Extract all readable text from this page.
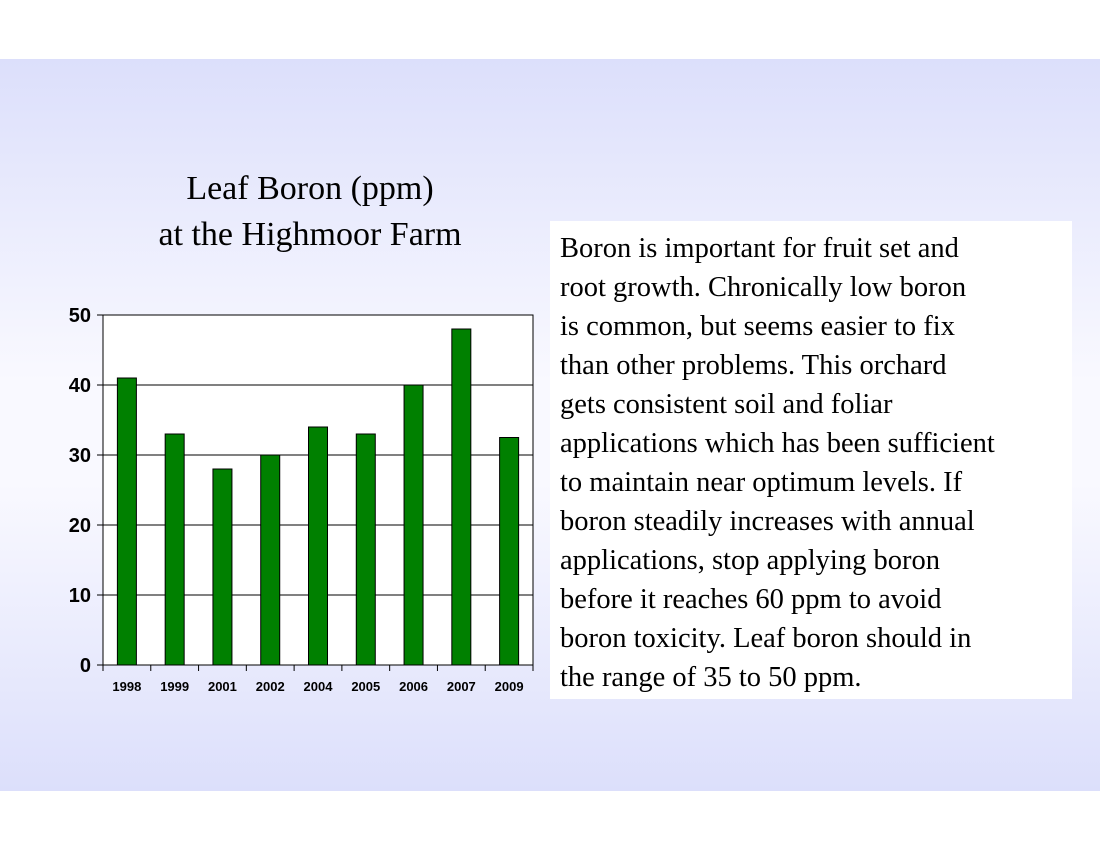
Leaf Boron (ppm)
at the Highmoor Farm
0
10
20
30
40
50
1998 1999 2001 2002 2004 2005 2006 2007 2009
Boron is important for fruit set and
root growth. Chronically low boron
is common, but seems easier to fix
than other problems. This orchard
gets consistent soil and foliar
applications which has been sufficient
to maintain near optimum levels. If
boron steadily increases with annual
applications, stop applying boron
before it reaches 60 ppm to avoid
boron toxicity. Leaf boron should in
the range of 35 to 50 ppm.
